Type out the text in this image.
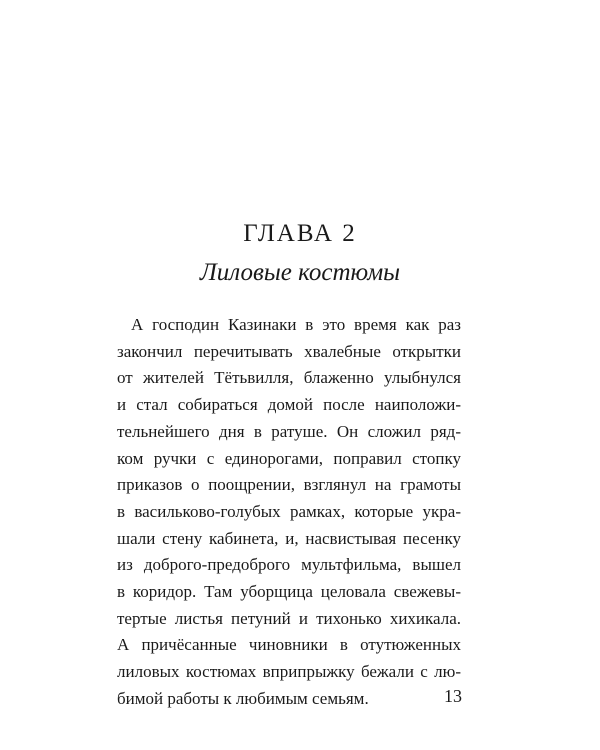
ГЛАВА 2
Лиловые костюмы
А господин Казинаки в это время как раз
закончил перечитывать хвалебные открытки
от жителей Тётьвилля, блаженно улыбнулся
и стал собираться домой после наиположи-
тельнейшего дня в ратуше. Он сложил ряд-
ком ручки с единорогами, поправил стопку
приказов о поощрении, взглянул на грамоты
в васильково-голубых рамках, которые укра-
шали стену кабинета, и, насвистывая песенку
из доброго-предоброго мультфильма, вышел
в коридор. Там уборщица целовала свежевы-
тертые листья петуний и тихонько хихикала.
А причёсанные чиновники в отутюженных
лиловых костюмах вприпрыжку бежали с лю-
бимой работы к любимым семьям.	13
